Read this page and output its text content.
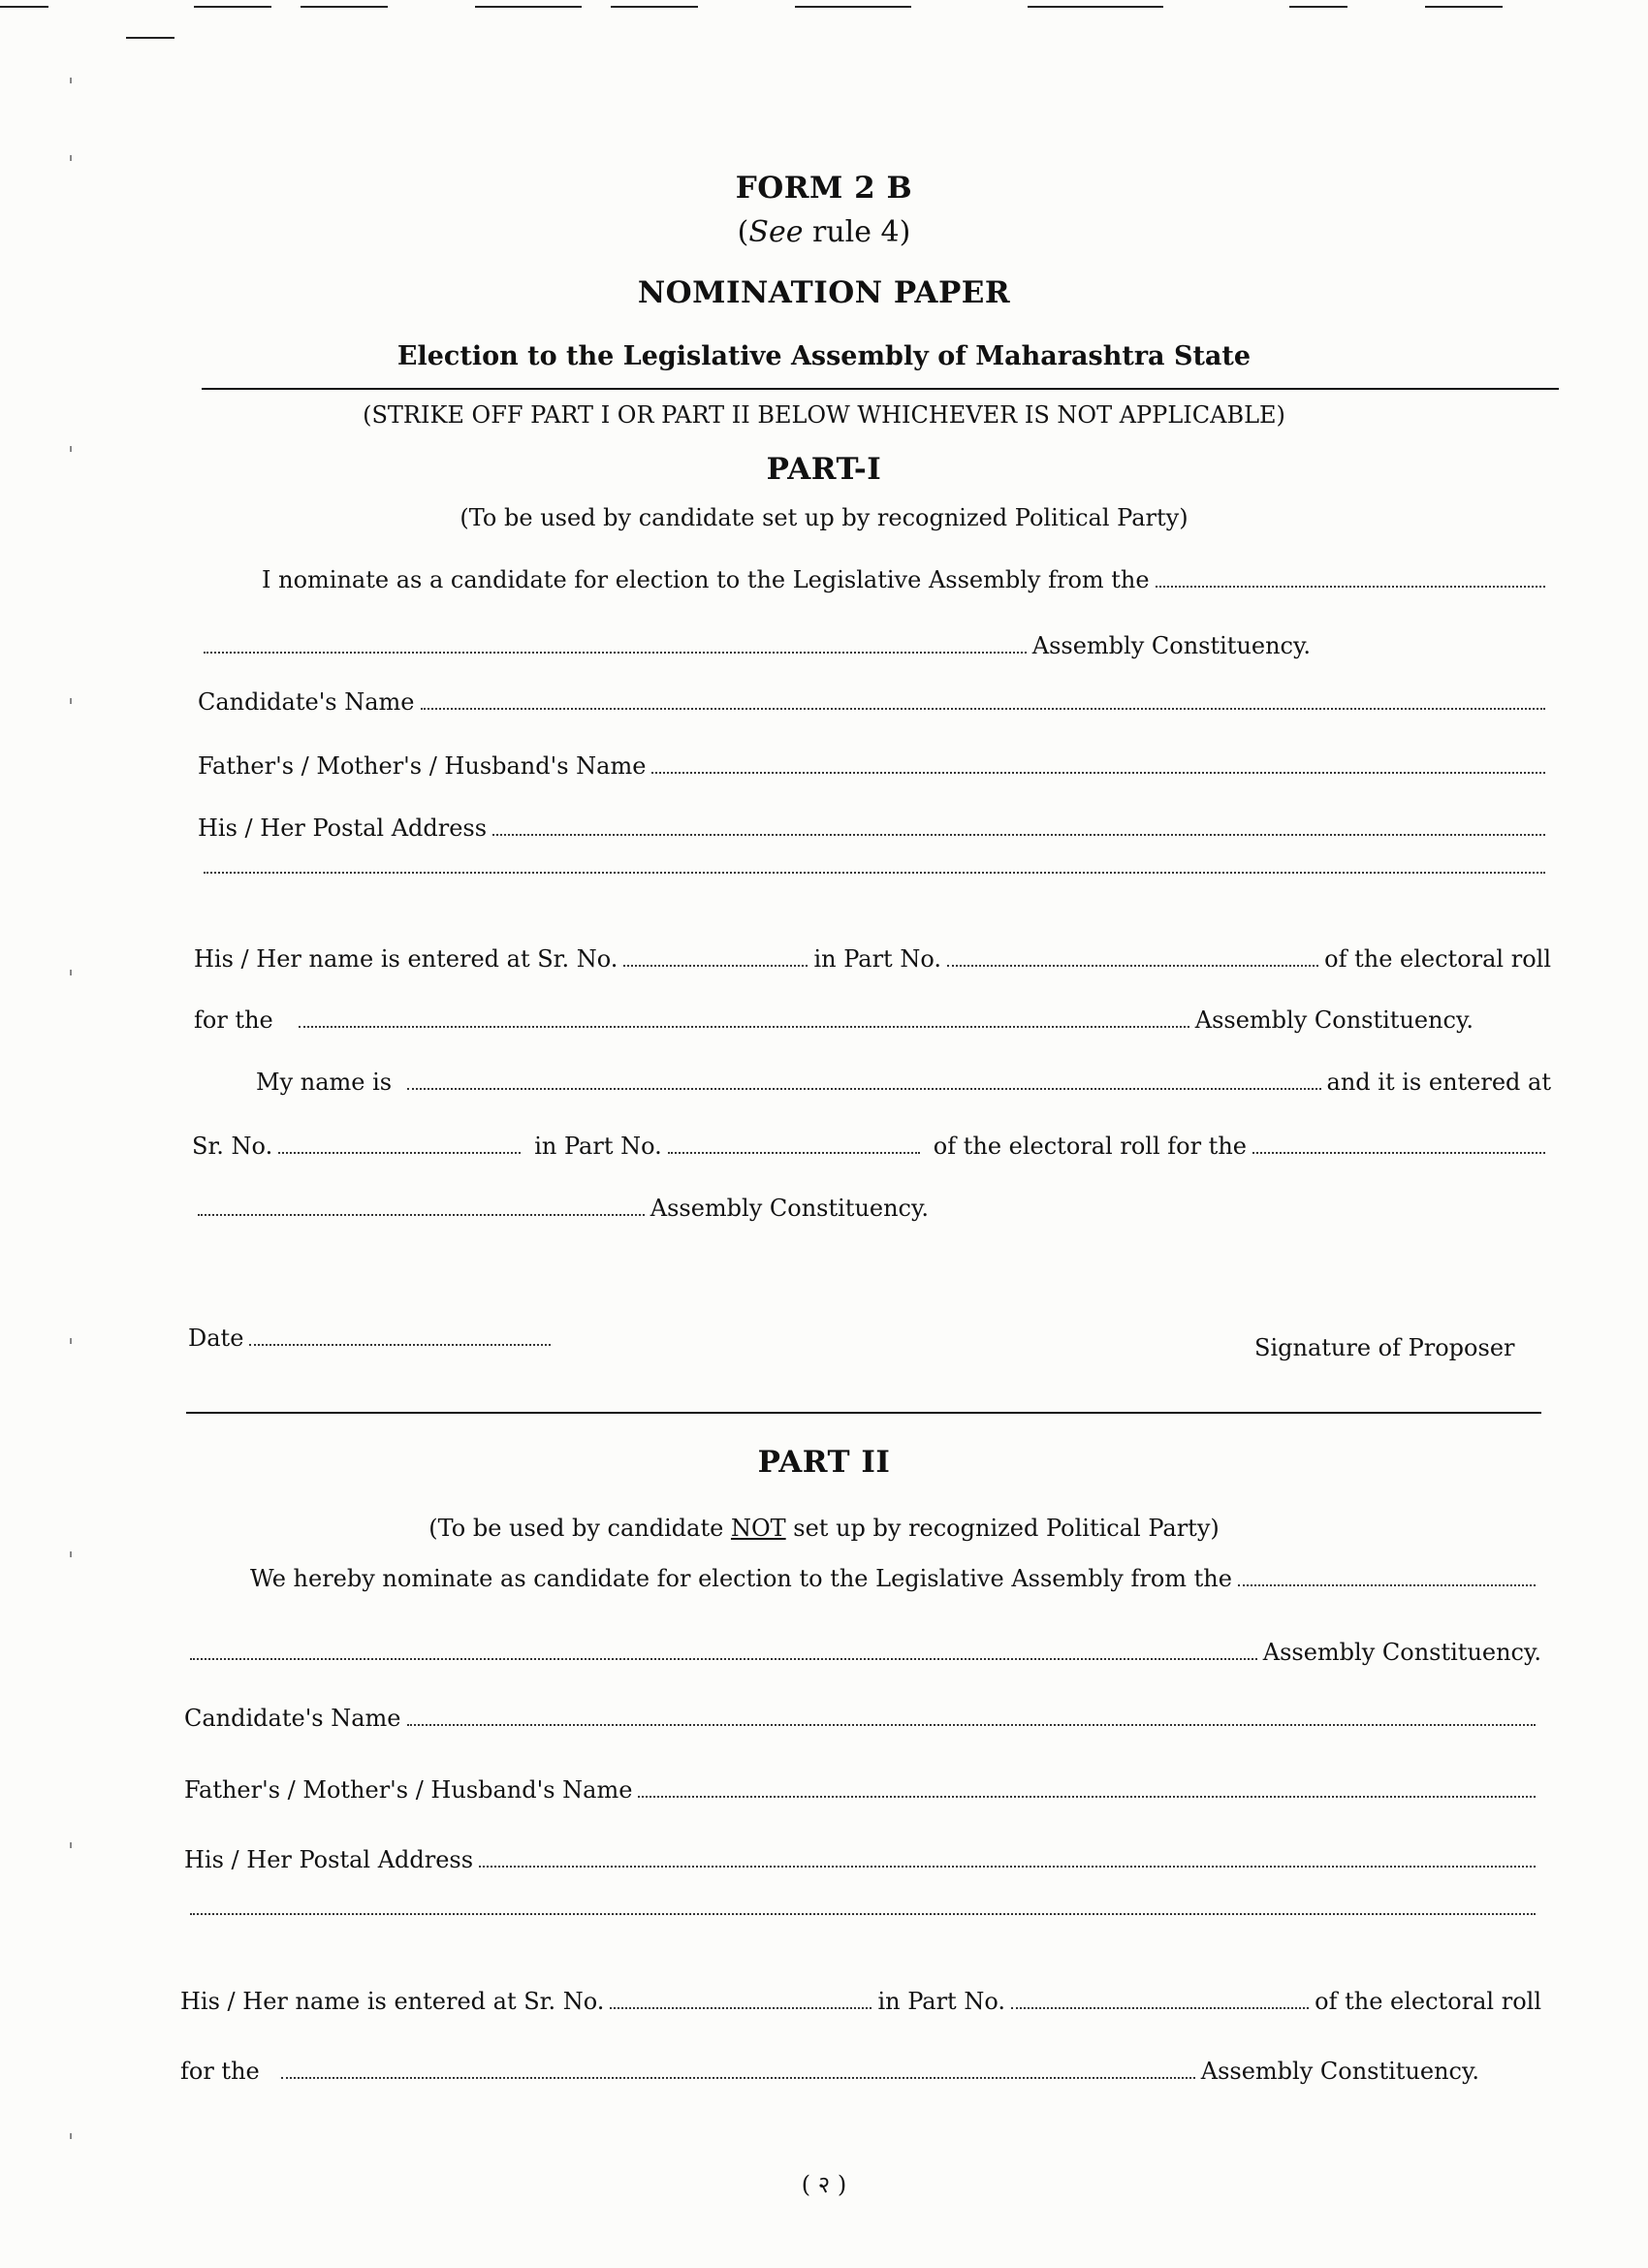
FORM 2 B
(See rule 4)
NOMINATION PAPER
Election to the Legislative Assembly of Maharashtra State
(STRIKE OFF PART I OR PART II BELOW WHICHEVER IS NOT APPLICABLE)
PART-I
(To be used by candidate set up by recognized Political Party)
I nominate as a candidate for election to the Legislative Assembly from the
Assembly Constituency.
Candidate's Name
Father's / Mother's / Husband's Name
His / Her Postal Address
His / Her name is entered at Sr. No.	in Part No.	of the electoral roll
for the	Assembly Constituency.
My name is	and it is entered at
Sr. No.	in Part No.	of the electoral roll for the
Assembly Constituency.
Date	Signature of Proposer
PART II
(To be used by candidate NOT set up by recognized Political Party)
We hereby nominate as candidate for election to the Legislative Assembly from the
Assembly Constituency.
Candidate's Name
Father's / Mother's / Husband's Name
His / Her Postal Address
His / Her name is entered at Sr. No.	in Part No.	of the electoral roll
for the	Assembly Constituency.
( २ )
